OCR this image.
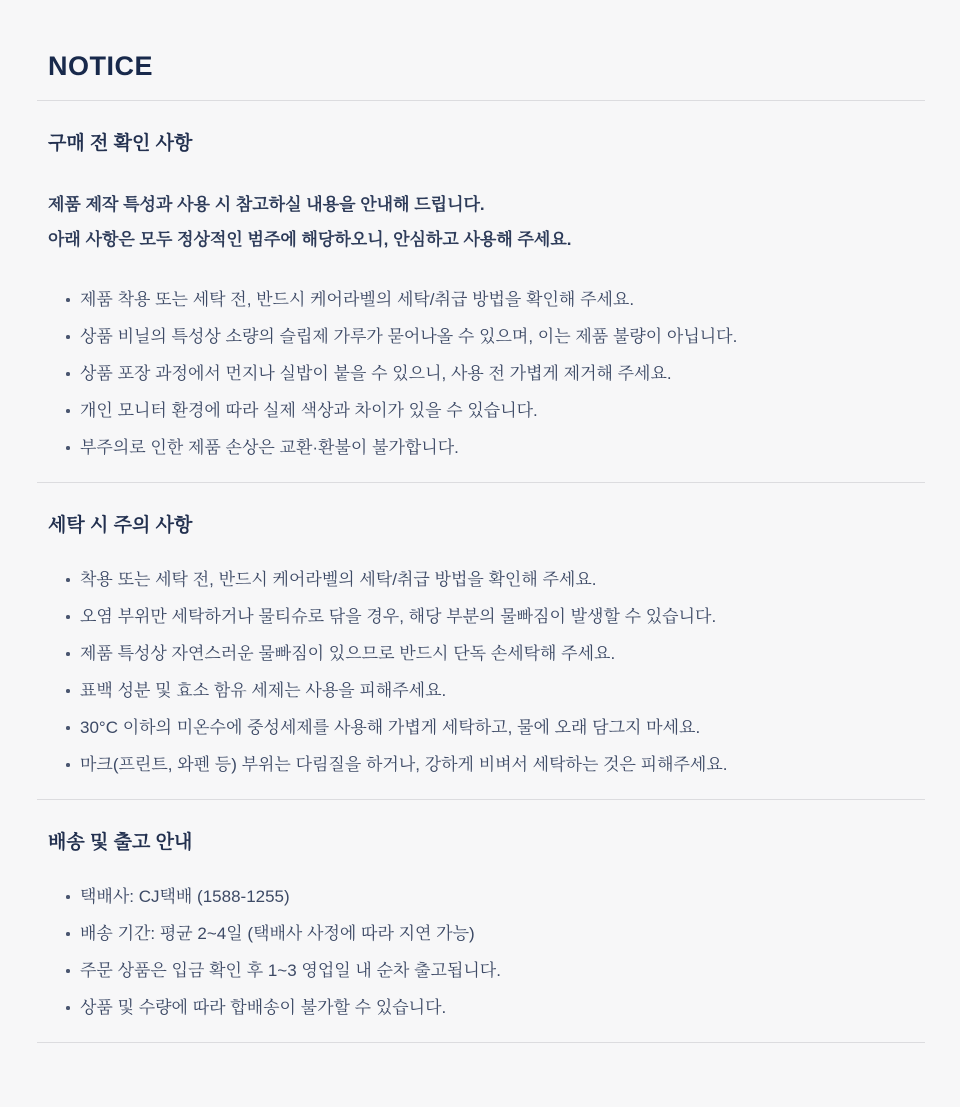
NOTICE
구매 전 확인 사항

제품 제작 특성과 사용 시 참고하실 내용을 안내해 드립니다.
아래 사항은 모두 정상적인 범주에 해당하오니, 안심하고 사용해 주세요.

제품 착용 또는 세탁 전, 반드시 케어라벨의 세탁/취급 방법을 확인해 주세요.
상품 비닐의 특성상 소량의 슬립제 가루가 묻어나올 수 있으며, 이는 제품 불량이 아닙니다.
상품 포장 과정에서 먼지나 실밥이 붙을 수 있으니, 사용 전 가볍게 제거해 주세요.
개인 모니터 환경에 따라 실제 색상과 차이가 있을 수 있습니다.
부주의로 인한 제품 손상은 교환·환불이 불가합니다.
세탁 시 주의 사항
착용 또는 세탁 전, 반드시 케어라벨의 세탁/취급 방법을 확인해 주세요.
오염 부위만 세탁하거나 물티슈로 닦을 경우, 해당 부분의 물빠짐이 발생할 수 있습니다.
제품 특성상 자연스러운 물빠짐이 있으므로 반드시 단독 손세탁해 주세요.
표백 성분 및 효소 함유 세제는 사용을 피해주세요.
30°C 이하의 미온수에 중성세제를 사용해 가볍게 세탁하고, 물에 오래 담그지 마세요.
마크(프린트, 와펜 등) 부위는 다림질을 하거나, 강하게 비벼서 세탁하는 것은 피해주세요.
배송 및 출고 안내
택배사: CJ택배 (1588-1255)
배송 기간: 평균 2~4일 (택배사 사정에 따라 지연 가능)
주문 상품은 입금 확인 후 1~3 영업일 내 순차 출고됩니다.
상품 및 수량에 따라 합배송이 불가할 수 있습니다.
